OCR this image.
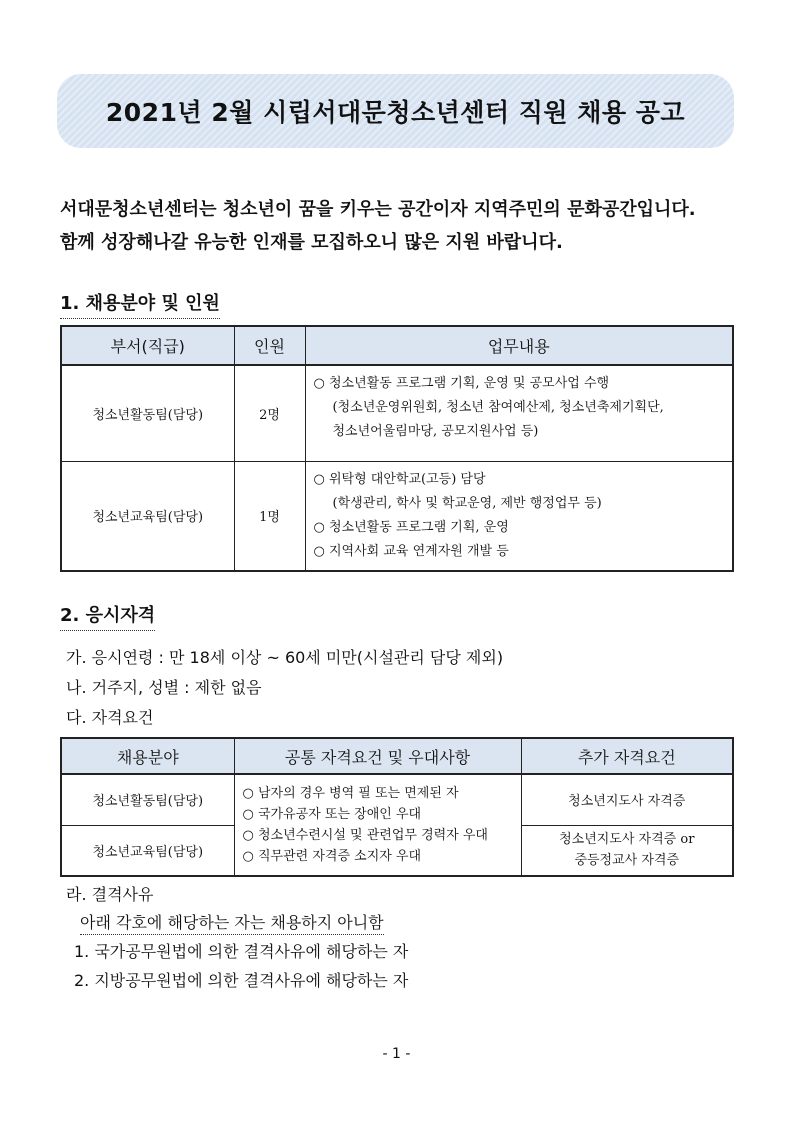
2021년 2월 시립서대문청소년센터 직원 채용 공고
서대문청소년센터는 청소년이 꿈을 키우는 공간이자 지역주민의 문화공간입니다.
함께 성장해나갈 유능한 인재를 모집하오니 많은 지원 바랍니다.
1. 채용분야 및 인원
부서(직급)	인원	업무내용
청소년활동팀(담당)	2명	○ 청소년활동 프로그램 기획, 운영 및 공모사업 수행
(청소년운영위원회, 청소년 참여예산제, 청소년축제기획단,
청소년어울림마당, 공모지원사업 등)

청소년교육팀(담당)	1명	○ 위탁형 대안학교(고등) 담당
(학생관리, 학사 및 학교운영, 제반 행정업무 등)
○ 청소년활동 프로그램 기획, 운영
○ 지역사회 교육 연계자원 개발 등
2. 응시자격
가. 응시연령 : 만 18세 이상 ~ 60세 미만(시설관리 담당 제외)
나. 거주지, 성별 : 제한 없음
다. 자격요건
채용분야	공통 자격요건 및 우대사항	추가 자격요건
청소년활동팀(담당)	○ 남자의 경우 병역 필 또는 면제된 자
○ 국가유공자 또는 장애인 우대
○ 청소년수련시설 및 관련업무 경력자 우대
○ 직무관련 자격증 소지자 우대	청소년지도사 자격증

청소년교육팀(담당)		청소년지도사 자격증 or
중등정교사 자격증
라. 결격사유
아래 각호에 해당하는 자는 채용하지 아니함
1. 국가공무원법에 의한 결격사유에 해당하는 자
2. 지방공무원법에 의한 결격사유에 해당하는 자
- 1 -
